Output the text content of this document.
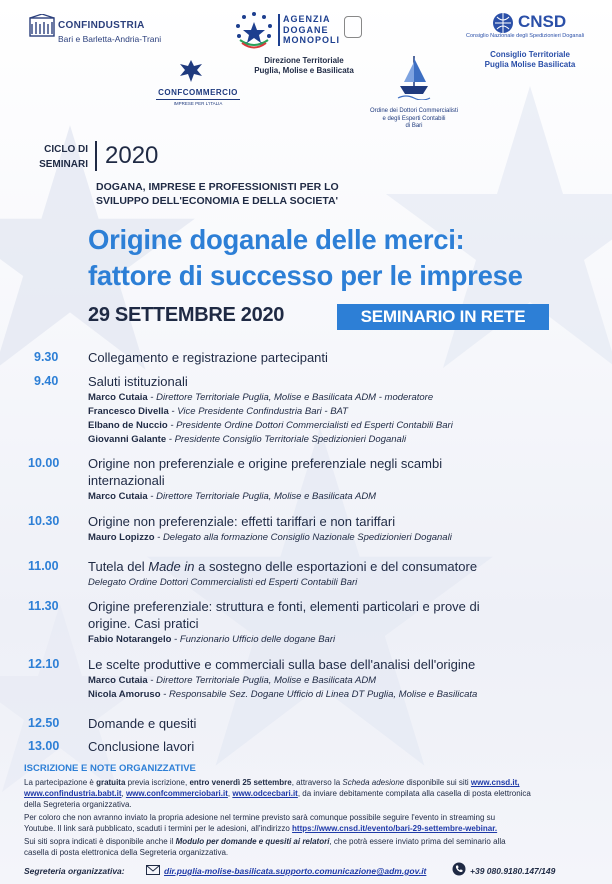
CONFINDUSTRIA
Bari e Barletta-Andria-Trani
AGENZIA
DOGANE
MONOPOLI
Direzione Territoriale
Puglia, Molise e Basilicata
CNSD
Consiglio Nazionale degli Spedizionieri Doganali
Consiglio Territoriale
Puglia Molise Basilicata
CONFCOMMERCIO
IMPRESE PER L'ITALIA
Ordine dei Dottori Commercialisti
e degli Esperti Contabili
di Bari
CICLO DI
SEMINARI 2020
DOGANA, IMPRESE E PROFESSIONISTI PER LO
SVILUPPO DELL'ECONOMIA E DELLA SOCIETA'
Origine doganale delle merci:
fattore di successo per le imprese
29 SETTEMBRE 2020	SEMINARIO IN RETE
9.30 Collegamento e registrazione partecipanti
9.40 Saluti istituzionali
Marco Cutaia - Direttore Territoriale Puglia, Molise e Basilicata ADM - moderatore
Francesco Divella - Vice Presidente Confindustria Bari - BAT
Elbano de Nuccio - Presidente Ordine Dottori Commercialisti ed Esperti Contabili Bari
Giovanni Galante - Presidente Consiglio Territoriale Spedizionieri Doganali
10.00 Origine non preferenziale e origine preferenziale negli scambi
internazionali
Marco Cutaia - Direttore Territoriale Puglia, Molise e Basilicata ADM
10.30 Origine non preferenziale: effetti tariffari e non tariffari
Mauro Lopizzo - Delegato alla formazione Consiglio Nazionale Spedizionieri Doganali
11.00 Tutela del Made in a sostegno delle esportazioni e del consumatore
Delegato Ordine Dottori Commercialisti ed Esperti Contabili Bari
11.30 Origine preferenziale: struttura e fonti, elementi particolari e prove di
origine. Casi pratici
Fabio Notarangelo - Funzionario Ufficio delle dogane Bari
12.10 Le scelte produttive e commerciali sulla base dell'analisi dell'origine
Marco Cutaia - Direttore Territoriale Puglia, Molise e Basilicata ADM
Nicola Amoruso - Responsabile Sez. Dogane Ufficio di Linea DT Puglia, Molise e Basilicata
12.50 Domande e quesiti
13.00 Conclusione lavori
ISCRIZIONE E NOTE ORGANIZZATIVE
La partecipazione è gratuita previa iscrizione, entro venerdì 25 settembre, attraverso la Scheda adesione disponibile sui siti www.cnsd.it,
www.confindustria.babt.it, www.confcommerciobari.it, www.odcecbari.it, da inviare debitamente compilata alla casella di posta elettronica
della Segreteria organizzativa.
Per coloro che non avranno inviato la propria adesione nel termine previsto sarà comunque possibile seguire l'evento in streaming su
Youtube. Il link sarà pubblicato, scaduti i termini per le adesioni, all'indirizzo https://www.cnsd.it/evento/bari-29-settembre-webinar.
Sui siti sopra indicati è disponibile anche il Modulo per domande e quesiti ai relatori, che potrà essere inviato prima del seminario alla
casella di posta elettronica della Segreteria organizzativa.
Segreteria organizzativa:	dir.puglia-molise-basilicata.supporto.comunicazione@adm.gov.it	+39 080.9180.147/149
